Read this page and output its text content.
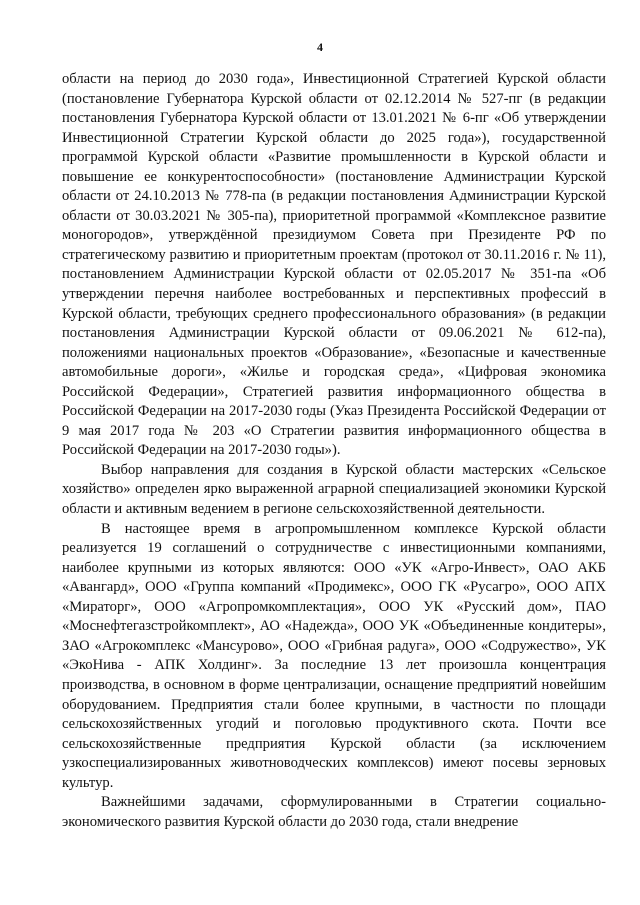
4

области на период до 2030 года», Инвестиционной Стратегией Курской области (постановление Губернатора Курской области от 02.12.2014 № 527-пг (в редакции постановления Губернатора Курской области от 13.01.2021 № 6-пг «Об утверждении Инвестиционной Стратегии Курской области до 2025 года»), государственной программой Курской области «Развитие промышленности в Курской области и повышение ее конкурентоспособности» (постановление Администрации Курской области от 24.10.2013 № 778-па (в редакции постановления Администрации Курской области от 30.03.2021 № 305-па), приоритетной программой «Комплексное развитие моногородов», утверждённой президиумом Совета при Президенте РФ по стратегическому развитию и приоритетным проектам (протокол от 30.11.2016 г. № 11), постановлением Администрации Курской области от 02.05.2017 № 351-па «Об утверждении перечня наиболее востребованных и перспективных профессий в Курской области, требующих среднего профессионального образования» (в редакции постановления Администрации Курской области от 09.06.2021 № 612-па), положениями национальных проектов «Образование», «Безопасные и качественные автомобильные дороги», «Жилье и городская среда», «Цифровая экономика Российской Федерации», Стратегией развития информационного общества в Российской Федерации на 2017-2030 годы (Указ Президента Российской Федерации от 9 мая 2017 года № 203 «О Стратегии развития информационного общества в Российской Федерации на 2017-2030 годы»).

Выбор направления для создания в Курской области мастерских «Сельское хозяйство» определен ярко выраженной аграрной специализацией экономики Курской области и активным ведением в регионе сельскохозяйственной деятельности.

В настоящее время в агропромышленном комплексе Курской области реализуется 19 соглашений о сотрудничестве с инвестиционными компаниями, наиболее крупными из которых являются: ООО «УК «Агро-Инвест», ОАО АКБ «Авангард», ООО «Группа компаний «Продимекс», ООО ГК «Русагро», ООО АПХ «Мираторг», ООО «Агропромкомплектация», ООО УК «Русский дом», ПАО «Моснефтегазстройкомплект», АО «Надежда», ООО УК «Объединенные кондитеры», ЗАО «Агрокомплекс «Мансурово», ООО «Грибная радуга», ООО «Содружество», УК «ЭкоНива - АПК Холдинг». За последние 13 лет произошла концентрация производства, в основном в форме централизации, оснащение предприятий новейшим оборудованием. Предприятия стали более крупными, в частности по площади сельскохозяйственных угодий и поголовью продуктивного скота. Почти все сельскохозяйственные предприятия Курской области (за исключением узкоспециализированных животноводческих комплексов) имеют посевы зерновых культур.

Важнейшими задачами, сформулированными в Стратегии социально-экономического развития Курской области до 2030 года, стали внедрение
